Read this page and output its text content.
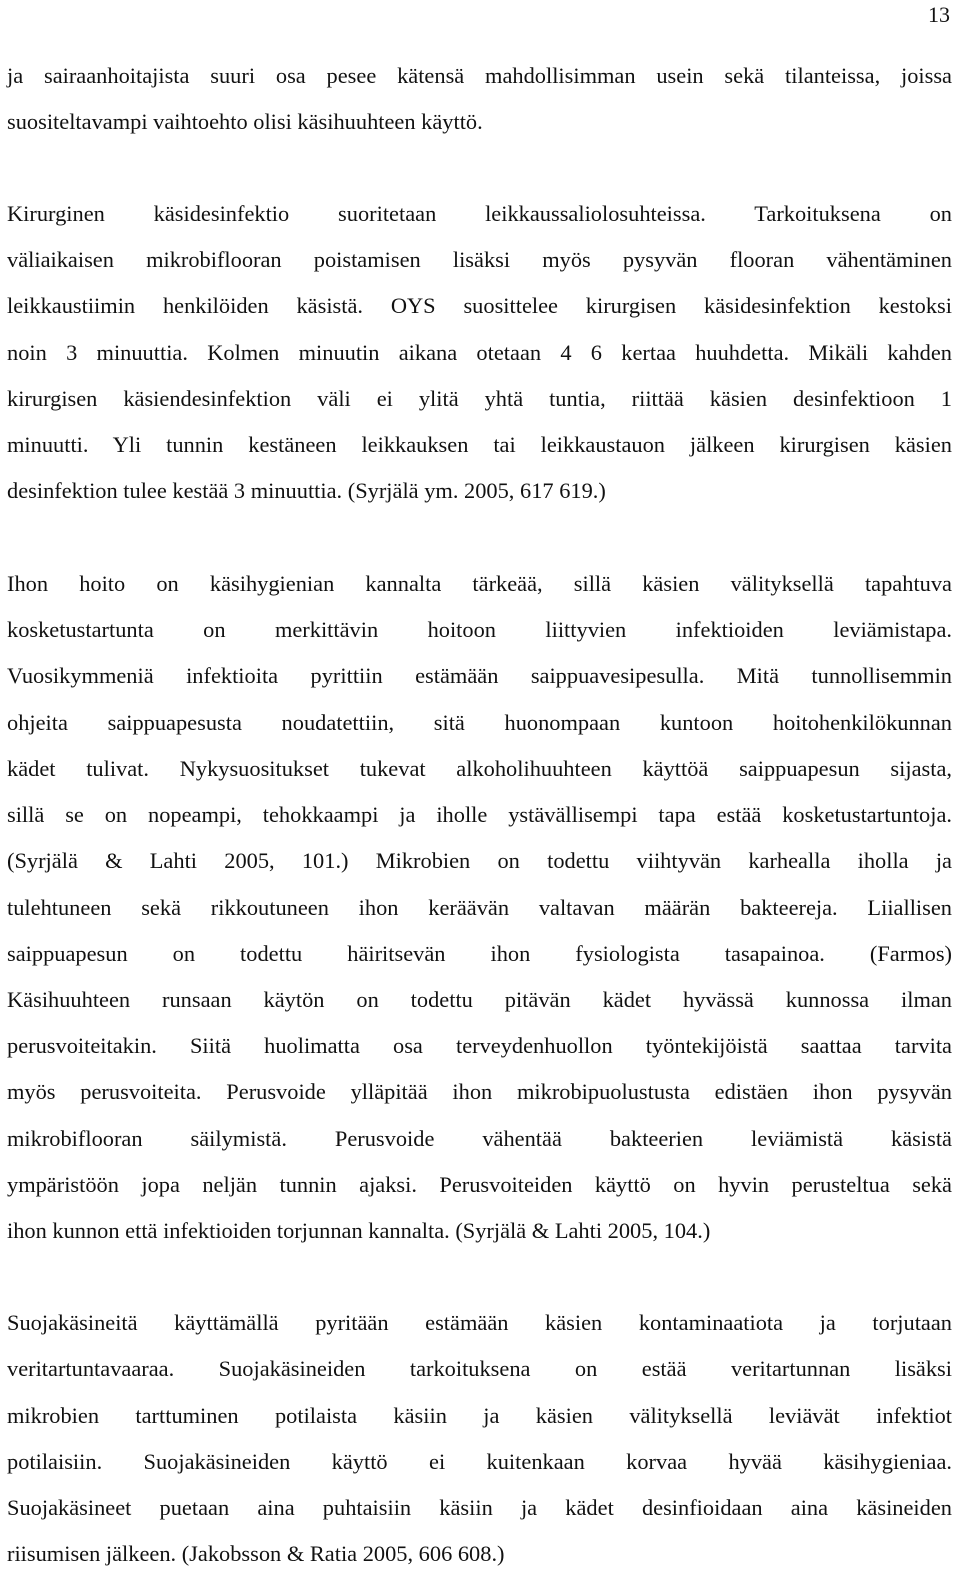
13
ja sairaanhoitajista suuri osa pesee kätensä mahdollisimman usein sekä tilanteissa, joissa
suositeltavampi vaihtoehto olisi käsihuuhteen käyttö.
Kirurginen käsidesinfektio suoritetaan leikkaussaliolosuhteissa. Tarkoituksena on
väliaikaisen mikrobiflooran poistamisen lisäksi myös pysyvän flooran vähentäminen
leikkaustiimin henkilöiden käsistä. OYS suosittelee kirurgisen käsidesinfektion kestoksi
noin 3 minuuttia. Kolmen minuutin aikana otetaan 4 6 kertaa huuhdetta. Mikäli kahden
kirurgisen käsiendesinfektion väli ei ylitä yhtä tuntia, riittää käsien desinfektioon 1
minuutti. Yli tunnin kestäneen leikkauksen tai leikkaustauon jälkeen kirurgisen käsien
desinfektion tulee kestää 3 minuuttia. (Syrjälä ym. 2005, 617 619.)
Ihon hoito on käsihygienian kannalta tärkeää, sillä käsien välityksellä tapahtuva
kosketustartunta on merkittävin hoitoon liittyvien infektioiden leviämistapa.
Vuosikymmeniä infektioita pyrittiin estämään saippuavesipesulla. Mitä tunnollisemmin
ohjeita saippuapesusta noudatettiin, sitä huonompaan kuntoon hoitohenkilökunnan
kädet tulivat. Nykysuositukset tukevat alkoholihuuhteen käyttöä saippuapesun sijasta,
sillä se on nopeampi, tehokkaampi ja iholle ystävällisempi tapa estää kosketustartuntoja.
(Syrjälä & Lahti 2005, 101.) Mikrobien on todettu viihtyvän karhealla iholla ja
tulehtuneen sekä rikkoutuneen ihon keräävän valtavan määrän bakteereja. Liiallisen
saippuapesun on todettu häiritsevän ihon fysiologista tasapainoa. (Farmos)
Käsihuuhteen runsaan käytön on todettu pitävän kädet hyvässä kunnossa ilman
perusvoiteitakin. Siitä huolimatta osa terveydenhuollon työntekijöistä saattaa tarvita
myös perusvoiteita. Perusvoide ylläpitää ihon mikrobipuolustusta edistäen ihon pysyvän
mikrobiflooran säilymistä. Perusvoide vähentää bakteerien leviämistä käsistä
ympäristöön jopa neljän tunnin ajaksi. Perusvoiteiden käyttö on hyvin perusteltua sekä
ihon kunnon että infektioiden torjunnan kannalta. (Syrjälä & Lahti 2005, 104.)
Suojakäsineitä käyttämällä pyritään estämään käsien kontaminaatiota ja torjutaan
veritartuntavaaraa. Suojakäsineiden tarkoituksena on estää veritartunnan lisäksi
mikrobien tarttuminen potilaista käsiin ja käsien välityksellä leviävät infektiot
potilaisiin. Suojakäsineiden käyttö ei kuitenkaan korvaa hyvää käsihygieniaa.
Suojakäsineet puetaan aina puhtaisiin käsiin ja kädet desinfioidaan aina käsineiden
riisumisen jälkeen. (Jakobsson & Ratia 2005, 606 608.)
